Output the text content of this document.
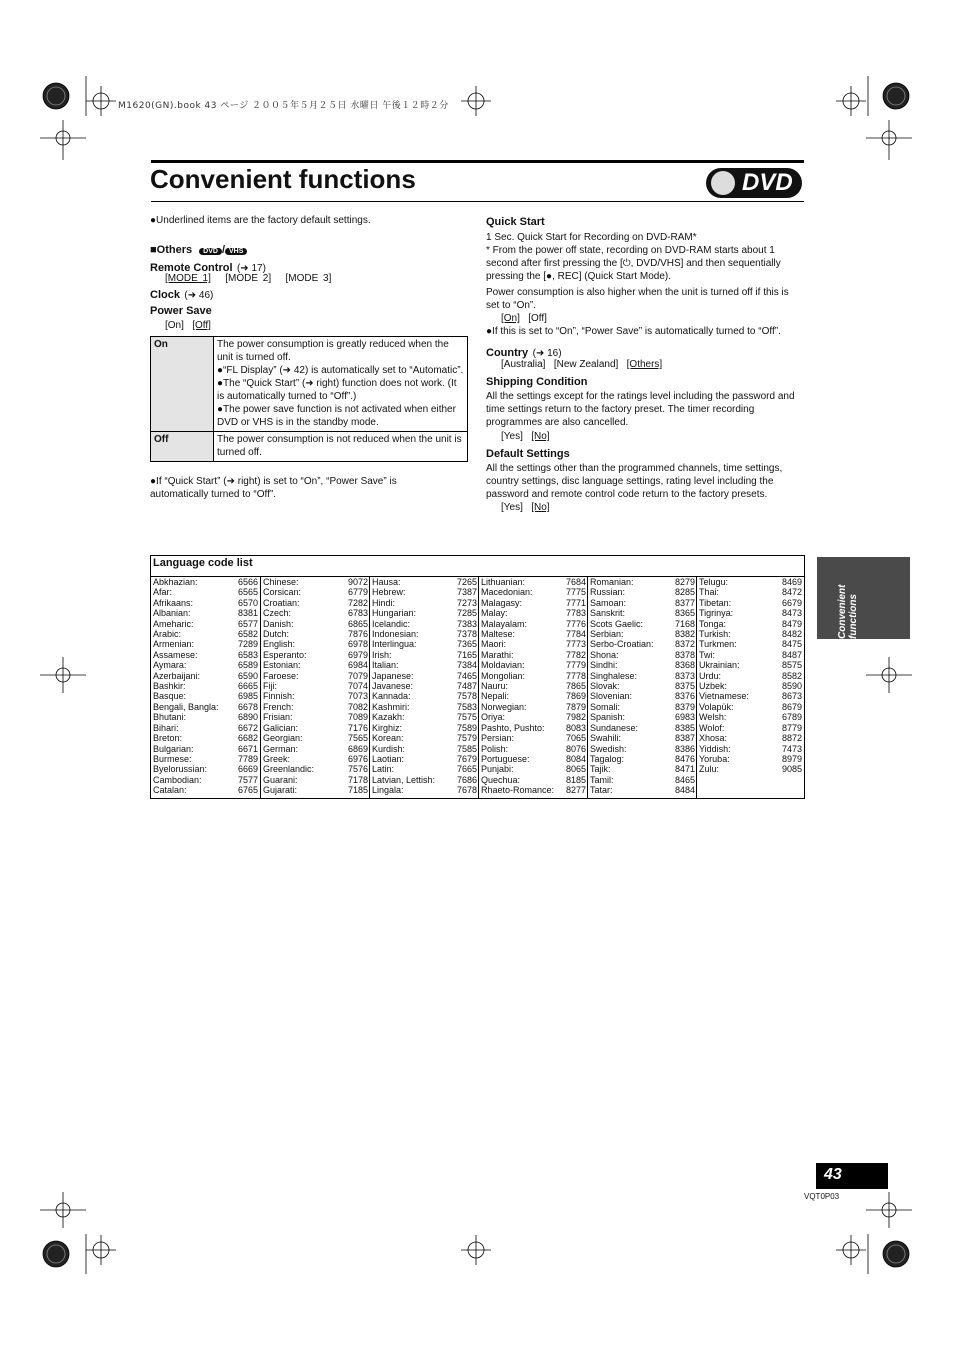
M1620(GN).book 43 ページ ２００５年５月２５日 水曜日 午後１２時２分
Convenient functions	DVD
●Underlined items are the factory default settings.
■Others DVD / VHS
Remote Control (➜ 17)
[MODE 1] [MODE 2] [MODE 3]
Clock (➜ 46)
Power Save
[On] [Off]
On	The power consumption is greatly reduced when the unit is turned off.
●“FL Display” (➜ 42) is automatically set to “Automatic”.
●The “Quick Start” (➜ right) function does not work. (It is automatically turned to “Off”.)
●The power save function is not activated when either DVD or VHS is in the standby mode.

Off	The power consumption is not reduced when the unit is turned off.
●If “Quick Start” (➜ right) is set to “On”, “Power Save” is automatically turned to “Off”.
Quick Start
1 Sec. Quick Start for Recording on DVD-RAM*
* From the power off state, recording on DVD-RAM starts about 1 second after first pressing the [⏻, DVD/VHS] and then sequentially pressing the [●, REC] (Quick Start Mode).
Power consumption is also higher when the unit is turned off if this is set to “On”.
[On] [Off]
●If this is set to “On”, “Power Save” is automatically turned to “Off”.
Country (➜ 16)
[Australia] [New Zealand] [Others]
Shipping Condition
All the settings except for the ratings level including the password and time settings return to the factory preset. The timer recording programmes are also cancelled.
[Yes] [No]
Default Settings
All the settings other than the programmed channels, time settings, country settings, disc language settings, rating level including the password and remote control code return to the factory presets.
[Yes] [No]
Language code list
Abkhazian:	6566
Afar:	6565
Afrikaans:	6570
Albanian:	8381
Ameharic:	6577
Arabic:	6582
Armenian:	7289
Assamese:	6583
Aymara:	6589
Azerbaijani:	6590
Bashkir:	6665
Basque:	6985
Bengali, Bangla: 6678
Bhutani:	6890
Bihari:	6672
Breton:	6682
Bulgarian:	6671
Burmese:	7789
Byelorussian:	6669
Cambodian:	7577
Catalan:	6765
Chinese:	9072
Corsican:	6779
Croatian:	7282
Czech:	6783
Danish:	6865
Dutch:	7876
English:	6978
Esperanto:	6979
Estonian:	6984
Faroese:	7079
Fiji:	7074
Finnish:	7073
French:	7082
Frisian:	7089
Galician:	7176
Georgian:	7565
German:	6869
Greek:	6976
Greenlandic:	7576
Guarani:	7178
Gujarati:	7185
Hausa:	7265
Hebrew:	7387
Hindi:	7273
Hungarian:	7285
Icelandic:	7383
Indonesian:	7378
Interlingua:	7365
Irish:	7165
Italian:	7384
Japanese:	7465
Javanese:	7487
Kannada:	7578
Kashmiri:	7583
Kazakh:	7575
Kirghiz:	7589
Korean:	7579
Kurdish:	7585
Laotian:	7679
Latin:	7665
Latvian, Lettish: 7686
Lingala:	7678
Lithuanian:	7684
Macedonian:	7775
Malagasy:	7771
Malay:	7783
Malayalam:	7776
Maltese:	7784
Maori:	7773
Marathi:	7782
Moldavian:	7779
Mongolian:	7778
Nauru:	7865
Nepali:	7869
Norwegian:	7879
Oriya:	7982
Pashto, Pushto: 8083
Persian:	7065
Polish:	8076
Portuguese:	8084
Punjabi:	8065
Quechua:	8185
Rhaeto-Romance: 8277
Romanian:	8279
Russian:	8285
Samoan:	8377
Sanskrit:	8365
Scots Gaelic:	7168
Serbian:	8382
Serbo-Croatian: 8372
Shona:	8378
Sindhi:	8368
Singhalese:	8373
Slovak:	8375
Slovenian:	8376
Somali:	8379
Spanish:	6983
Sundanese:	8385
Swahili:	8387
Swedish:	8386
Tagalog:	8476
Tajik:	8471
Tamil:	8465
Tatar:	8484
Telugu:	8469
Thai:	8472
Tibetan:	6679
Tigrinya:	8473
Tonga:	8479
Turkish:	8482
Turkmen:	8475
Twi:	8487
Ukrainian:	8575
Urdu:	8582
Uzbek:	8590
Vietnamese:	8673
Volapük:	8679
Welsh:	6789
Wolof:	8779
Xhosa:	8872
Yiddish:	7473
Yoruba:	8979
Zulu:	9085
Convenient functions
43
VQT0P03
